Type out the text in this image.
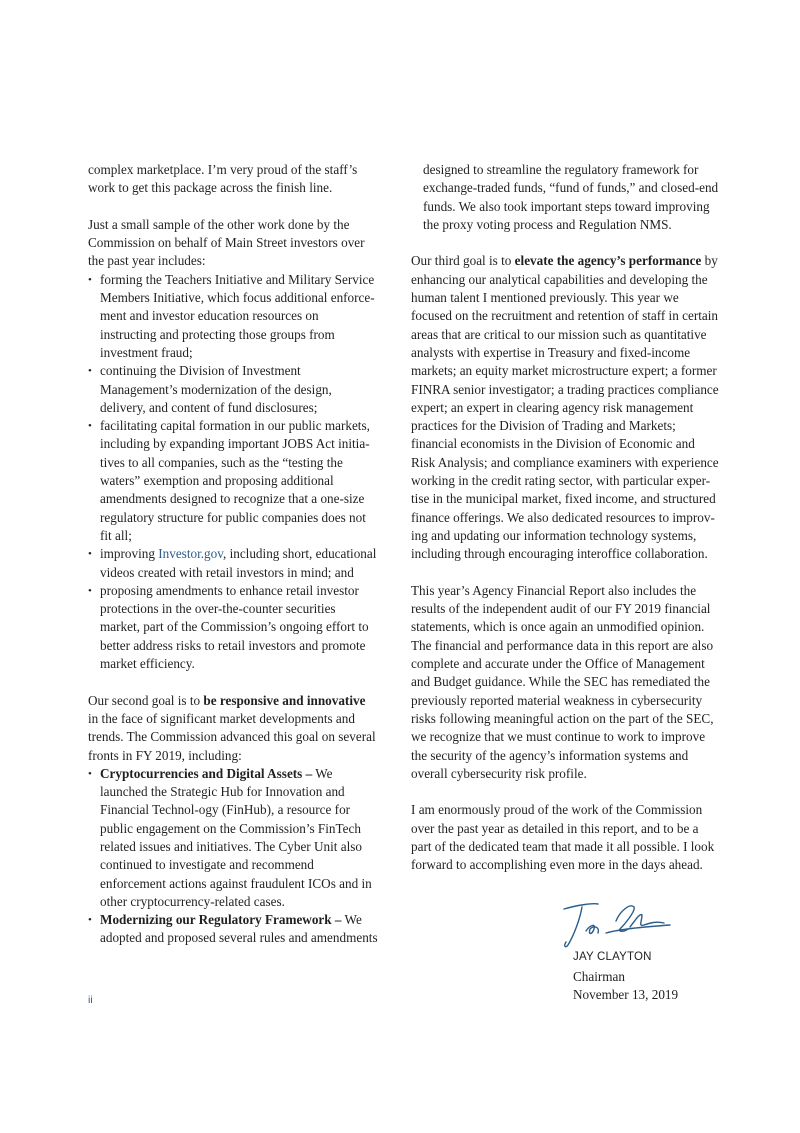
complex marketplace. I’m very proud of the staff’s work to get this package across the finish line.

Just a small sample of the other work done by the Commission on behalf of Main Street investors over the past year includes:

• forming the Teachers Initiative and Military Service Members Initiative, which focus additional enforce-ment and investor education resources on instructing and protecting those groups from investment fraud;
• continuing the Division of Investment Management’s modernization of the design, delivery, and content of fund disclosures;
• facilitating capital formation in our public markets, including by expanding important JOBS Act initia-tives to all companies, such as the “testing the waters” exemption and proposing additional amendments designed to recognize that a one-size regulatory structure for public companies does not fit all;
• improving Investor.gov, including short, educational videos created with retail investors in mind; and
• proposing amendments to enhance retail investor protections in the over-the-counter securities market, part of the Commission’s ongoing effort to better address risks to retail investors and promote market efficiency.

Our second goal is to be responsive and innovative in the face of significant market developments and trends. The Commission advanced this goal on several fronts in FY 2019, including:

• Cryptocurrencies and Digital Assets – We launched the Strategic Hub for Innovation and Financial Technol-ogy (FinHub), a resource for public engagement on the Commission’s FinTech related issues and initiatives. The Cyber Unit also continued to investigate and recommend enforcement actions against fraudulent ICOs and in other cryptocurrency-related cases.
• Modernizing our Regulatory Framework – We adopted and proposed several rules and amendments

designed to streamline the regulatory framework for exchange-traded funds, “fund of funds,” and closed-end funds. We also took important steps toward improving the proxy voting process and Regulation NMS.

Our third goal is to elevate the agency’s performance by enhancing our analytical capabilities and developing the human talent I mentioned previously. This year we focused on the recruitment and retention of staff in certain areas that are critical to our mission such as quantitative analysts with expertise in Treasury and fixed-income markets; an equity market microstructure expert; a former FINRA senior investigator; a trading practices compliance expert; an expert in clearing agency risk management practices for the Division of Trading and Markets; financial economists in the Division of Economic and Risk Analysis; and compliance examiners with experience working in the credit rating sector, with particular exper-tise in the municipal market, fixed income, and structured finance offerings. We also dedicated resources to improv-ing and updating our information technology systems, including through encouraging interoffice collaboration.

This year’s Agency Financial Report also includes the results of the independent audit of our FY 2019 financial statements, which is once again an unmodified opinion. The financial and performance data in this report are also complete and accurate under the Office of Management and Budget guidance. While the SEC has remediated the previously reported material weakness in cybersecurity risks following meaningful action on the part of the SEC, we recognize that we must continue to work to improve the security of the agency’s information systems and overall cybersecurity risk profile.

I am enormously proud of the work of the Commission over the past year as detailed in this report, and to be a part of the dedicated team that made it all possible. I look forward to accomplishing even more in the days ahead.

JAY CLAYTON
Chairman
November 13, 2019
ii
